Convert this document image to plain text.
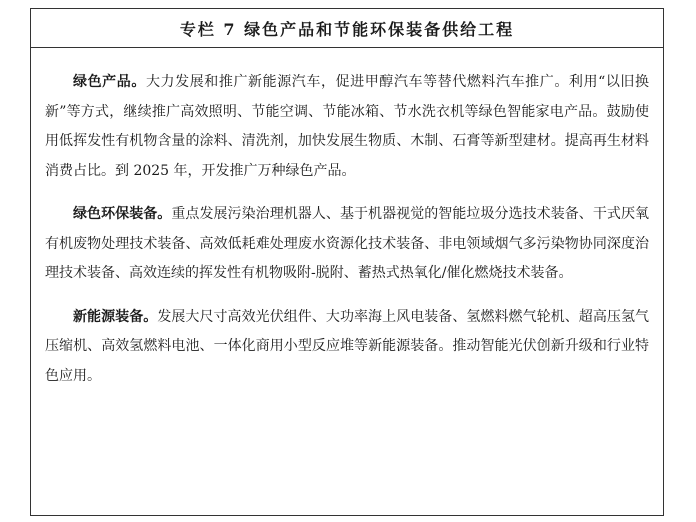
专栏 7 绿色产品和节能环保装备供给工程

绿色产品。大力发展和推广新能源汽车，促进甲醇汽车等替代燃料汽车推广。利用“以旧换新”等方式，继续推广高效照明、节能空调、节能冰箱、节水洗衣机等绿色智能家电产品。鼓励使用低挥发性有机物含量的涂料、清洗剂，加快发展生物质、木制、石膏等新型建材。提高再生材料消费占比。到 2025 年，开发推广万种绿色产品。

绿色环保装备。重点发展污染治理机器人、基于机器视觉的智能垃圾分选技术装备、干式厌氧有机废物处理技术装备、高效低耗难处理废水资源化技术装备、非电领域烟气多污染物协同深度治理技术装备、高效连续的挥发性有机物吸附-脱附、蓄热式热氧化/催化燃烧技术装备。

新能源装备。发展大尺寸高效光伏组件、大功率海上风电装备、氢燃料燃气轮机、超高压氢气压缩机、高效氢燃料电池、一体化商用小型反应堆等新能源装备。推动智能光伏创新升级和行业特色应用。
